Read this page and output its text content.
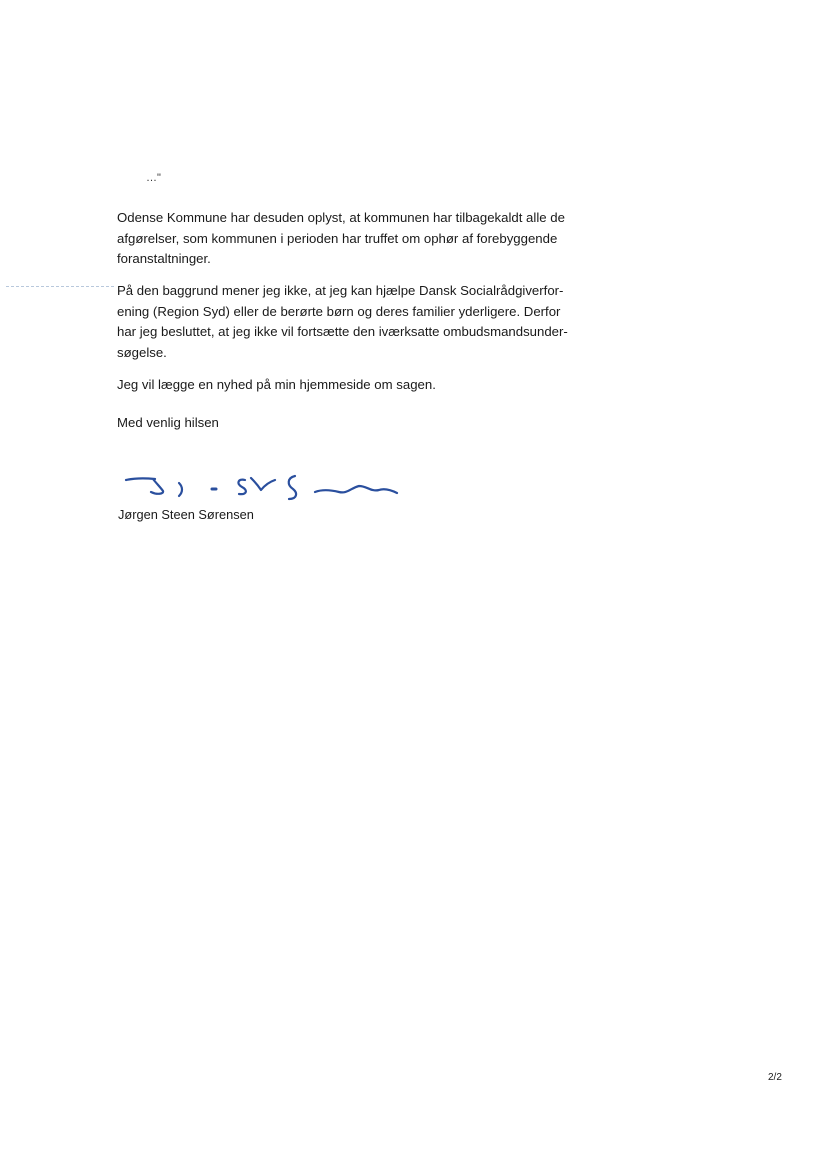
…"

Odense Kommune har desuden oplyst, at kommunen har tilbagekaldt alle de
afgørelser, som kommunen i perioden har truffet om ophør af forebyggende
foranstaltninger.

På den baggrund mener jeg ikke, at jeg kan hjælpe Dansk Socialrådgiverfor-
ening (Region Syd) eller de berørte børn og deres familier yderligere. Derfor
har jeg besluttet, at jeg ikke vil fortsætte den iværksatte ombudsmandsunder-
søgelse.

Jeg vil lægge en nyhed på min hjemmeside om sagen.

Med venlig hilsen

Jørgen Steen Sørensen

2/2
